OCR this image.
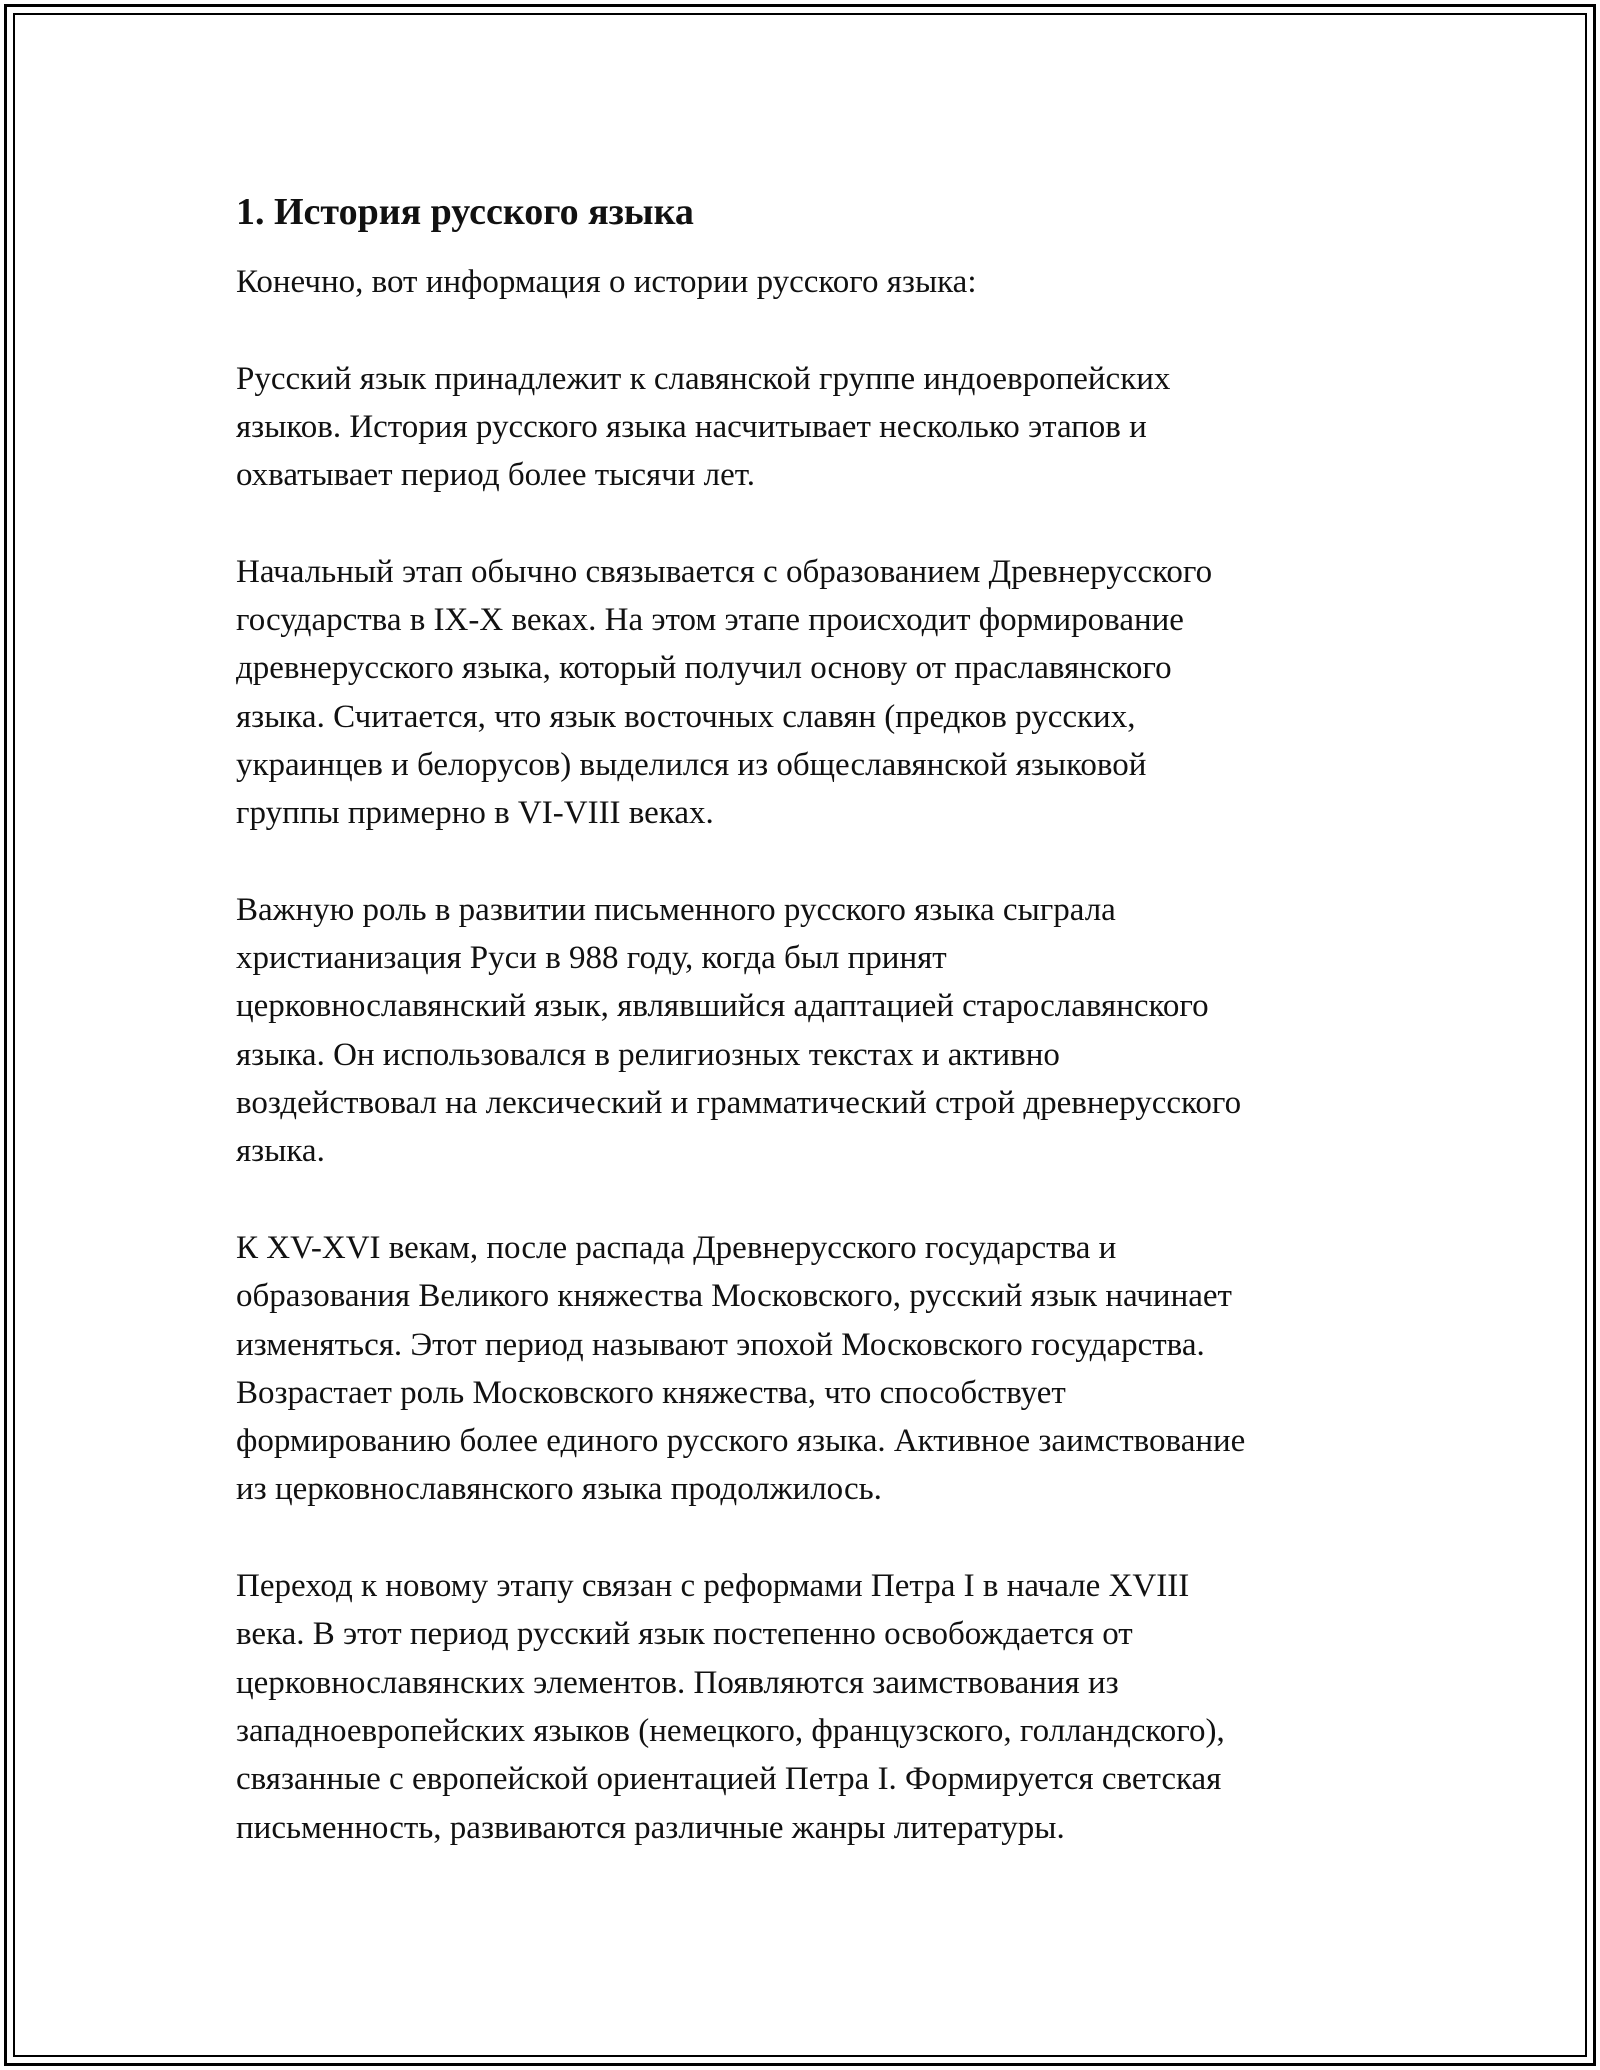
1. История русского языка

Конечно, вот информация о истории русского языка:

Русский язык принадлежит к славянской группе индоевропейских
языков. История русского языка насчитывает несколько этапов и
охватывает период более тысячи лет.

Начальный этап обычно связывается с образованием Древнерусского
государства в IX-X веках. На этом этапе происходит формирование
древнерусского языка, который получил основу от праславянского
языка. Считается, что язык восточных славян (предков русских,
украинцев и белорусов) выделился из общеславянской языковой
группы примерно в VI-VIII веках.

Важную роль в развитии письменного русского языка сыграла
христианизация Руси в 988 году, когда был принят
церковнославянский язык, являвшийся адаптацией старославянского
языка. Он использовался в религиозных текстах и активно
воздействовал на лексический и грамматический строй древнерусского
языка.

К XV-XVI векам, после распада Древнерусского государства и
образования Великого княжества Московского, русский язык начинает
изменяться. Этот период называют эпохой Московского государства.
Возрастает роль Московского княжества, что способствует
формированию более единого русского языка. Активное заимствование
из церковнославянского языка продолжилось.

Переход к новому этапу связан с реформами Петра I в начале XVIII
века. В этот период русский язык постепенно освобождается от
церковнославянских элементов. Появляются заимствования из
западноевропейских языков (немецкого, французского, голландского),
связанные с европейской ориентацией Петра I. Формируется светская
письменность, развиваются различные жанры литературы.
